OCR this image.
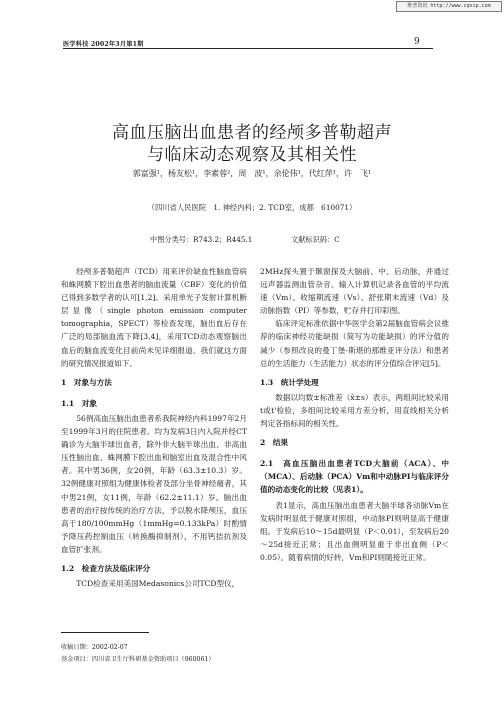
维普资讯 http://www.cqvip.com
医学科技 2002年3月第1期	9
高血压脑出血患者的经颅多普勒超声
与临床动态观察及其相关性
郭富强¹，杨友松¹，李素蓉²，周　波¹，余伦伟¹，代红萍¹，许　飞¹
（四川省人民医院　1. 神经内科；2. TCD室，成都　610071）
中图分类号：R743.2；R445.1	文献标识码：C

经颅多普勒超声（TCD）用来评价缺血性脑血管病和蛛网膜下腔出血患者的脑血流量（CBF）变化的价值已得到多数学者的认可[1,2]。采用单光子发射计算机断层显像（single photon emission computer tomographia，SPECT）等检查发现，脑出血后存在广泛的局部脑血流下降[3,4]，采用TCD动态观察脑出血后的脑血流变化目前尚未见详细报道。我们就这方面的研究情况报道如下。

1　对象与方法

1.1　对象

56例高血压脑出血患者系我院神经内科1997年2月至1999年3月的住院患者。均为发病3日内入院并经CT确诊为大脑半球出血者，除外非大脑半球出血、非高血压性脑出血、蛛网膜下腔出血和脑室出血及混合性中风者。其中男36例，女20例，年龄（63.3±10.3）岁。32例健康对照组为健康体检者及部分坐骨神经痛者，其中男21例，女11例，年龄（62.2±11.1）岁。脑出血患者的治疗按传统的治疗方法，予以脱水降颅压，血压高于180/100mmHg（1mmHg=0.133kPa）时酌情予降压药控制血压（转换酶抑制剂），不用钙拮抗剂及血管扩张剂。

1.2　检查方法及临床评分

TCD检查采用美国Medasonics公司TCD型仪，

2MHz探头置于颞窗探及大脑前、中、后动脉，并通过远声器监测血管杂音。输入计算机记录各血管的平均流速（Vm）、收缩期流速（Vs）、舒张期末流速（Vd）及动脉指数（PI）等参数，贮存并打印彩图。

临床评定标准依据中华医学会第2届脑血管病会议推荐的临床神经功能缺损（简写为功能缺损）的评分值的减少（参照改良的曼丁堡-斯堪的那维亚评分法）和患者总的生活能力（生活能力）状态的评分值综合评定[5]。

1.3　统计学处理

数据以均数±标准差（x̄±s）表示，两组间比较采用t或t'检验，多组间比较采用方差分析，用直线相关分析判定各指标间的相关性。

2　结果

2.1　高血压脑出血患者TCD大脑前（ACA）、中（MCA）、后动脉（PCA）Vm和中动脉PI与临床评分值的动态变化的比较（见表1）。

表1显示，高血压脑出血患者大脑半球各动脉Vm在发病时明显低于健康对照组，中动脉PI则明显高于健康组。于发病后10～15d最明显（P＜0.01），至发病后20～25d接近正常；且出血侧明显重于非出血侧（P＜0.05）。随着病情的好转，Vm和PI则随接近正常。

收稿日期：2002-02-07
基金项目：四川省卫生厅科研基金资助项目（960061）
